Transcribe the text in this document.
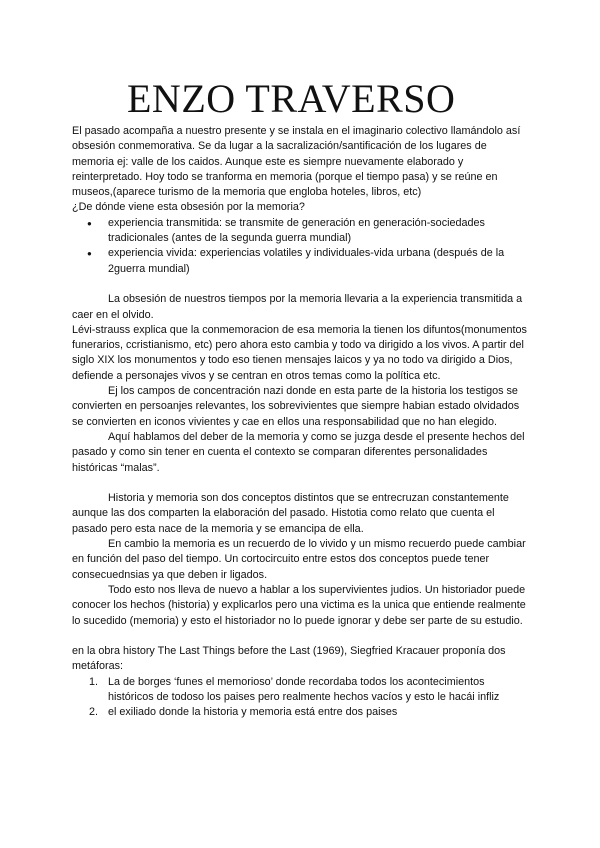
ENZO TRAVERSO

El pasado acompaña a nuestro presente y se instala en el imaginario colectivo llamándolo así obsesión conmemorativa. Se da lugar a la sacralización/santificación de los lugares de memoria ej: valle de los caidos. Aunque este es siempre nuevamente elaborado y reinterpretado. Hoy todo se tranforma en memoria (porque el tiempo pasa) y se reúne en museos,(aparece turismo de la memoria que engloba hoteles, libros, etc)

¿De dónde viene esta obsesión por la memoria?

● experiencia transmitida: se transmite de generación en generación-sociedades tradicionales (antes de la segunda guerra mundial)
● experiencia vivida: experiencias volatiles y individuales-vida urbana (después de la 2guerra mundial)

La obsesión de nuestros tiempos por la memoria llevaria a la experiencia transmitida a caer en el olvido.

Lévi-strauss explica que la conmemoracion de esa memoria la tienen los difuntos(monumentos funerarios, ccristianismo, etc) pero ahora esto cambia y todo va dirigido a los vivos. A partir del siglo XIX los monumentos y todo eso tienen mensajes laicos y ya no todo va dirigido a Dios, defiende a personajes vivos y se centran en otros temas como la política etc.

Ej los campos de concentración nazi donde en esta parte de la historia los testigos se convierten en persoanjes relevantes, los sobrevivientes que siempre habian estado olvidados se convierten en iconos vivientes y cae en ellos una responsabilidad que no han elegido.

Aquí hablamos del deber de la memoria y como se juzga desde el presente hechos del pasado y como sin tener en cuenta el contexto se comparan diferentes personalidades históricas “malas”.

Historia y memoria son dos conceptos distintos que se entrecruzan constantemente aunque las dos comparten la elaboración del pasado. Histotia como relato que cuenta el pasado pero esta nace de la memoria y se emancipa de ella.

En cambio la memoria es un recuerdo de lo vivido y un mismo recuerdo puede cambiar en función del paso del tiempo. Un cortocircuito entre estos dos conceptos puede tener consecuednsias ya que deben ir ligados.

Todo esto nos lleva de nuevo a hablar a los supervivientes judios. Un historiador puede conocer los hechos (historia) y explicarlos pero una victima es la unica que entiende realmente lo sucedido (memoria) y esto el historiador no lo puede ignorar y debe ser parte de su estudio.

en la obra history The Last Things before the Last (1969), Siegfried Kracauer proponía dos metáforas:

1. La de borges ‘funes el memorioso’ donde recordaba todos los acontecimientos históricos de todoso los paises pero realmente hechos vacíos y esto le hacái infliz
2. el exiliado donde la historia y memoria está entre dos paises
